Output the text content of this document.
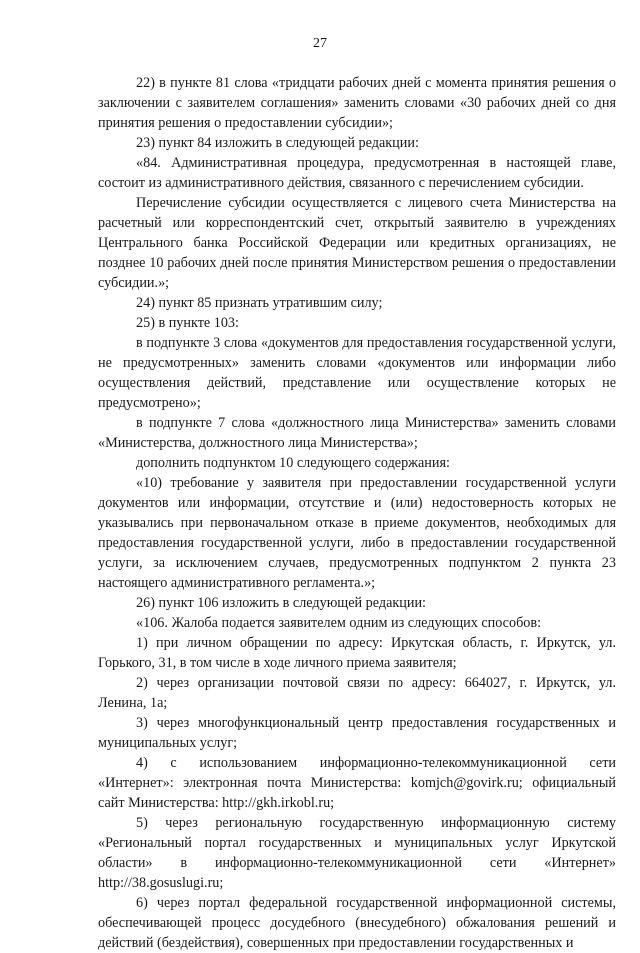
27

22) в пункте 81 слова «тридцати рабочих дней с момента принятия решения о заключении с заявителем соглашения» заменить словами «30 рабочих дней со дня принятия решения о предоставлении субсидии»;

23) пункт 84 изложить в следующей редакции:

«84. Административная процедура, предусмотренная в настоящей главе, состоит из административного действия, связанного с перечислением субсидии.

Перечисление субсидии осуществляется с лицевого счета Министерства на расчетный или корреспондентский счет, открытый заявителю в учреждениях Центрального банка Российской Федерации или кредитных организациях, не позднее 10 рабочих дней после принятия Министерством решения о предоставлении субсидии.»;

24) пункт 85 признать утратившим силу;

25) в пункте 103:

в подпункте 3 слова «документов для предоставления государственной услуги, не предусмотренных» заменить словами «документов или информации либо осуществления действий, представление или осуществление которых не предусмотрено»;

в подпункте 7 слова «должностного лица Министерства» заменить словами «Министерства, должностного лица Министерства»;

дополнить подпунктом 10 следующего содержания:

«10) требование у заявителя при предоставлении государственной услуги документов или информации, отсутствие и (или) недостоверность которых не указывались при первоначальном отказе в приеме документов, необходимых для предоставления государственной услуги, либо в предоставлении государственной услуги, за исключением случаев, предусмотренных подпунктом 2 пункта 23 настоящего административного регламента.»;

26) пункт 106 изложить в следующей редакции:

«106. Жалоба подается заявителем одним из следующих способов:

1) при личном обращении по адресу: Иркутская область, г. Иркутск, ул. Горького, 31, в том числе в ходе личного приема заявителя;

2) через организации почтовой связи по адресу: 664027, г. Иркутск, ул. Ленина, 1а;

3) через многофункциональный центр предоставления государственных и муниципальных услуг;

4) с использованием информационно-телекоммуникационной сети «Интернет»: электронная почта Министерства: komjch@govirk.ru; официальный сайт Министерства: http://gkh.irkobl.ru;

5) через региональную государственную информационную систему «Региональный портал государственных и муниципальных услуг Иркутской области» в информационно-телекоммуникационной сети «Интернет» http://38.gosuslugi.ru;

6) через портал федеральной государственной информационной системы, обеспечивающей процесс досудебного (внесудебного) обжалования решений и действий (бездействия), совершенных при предоставлении государственных и
